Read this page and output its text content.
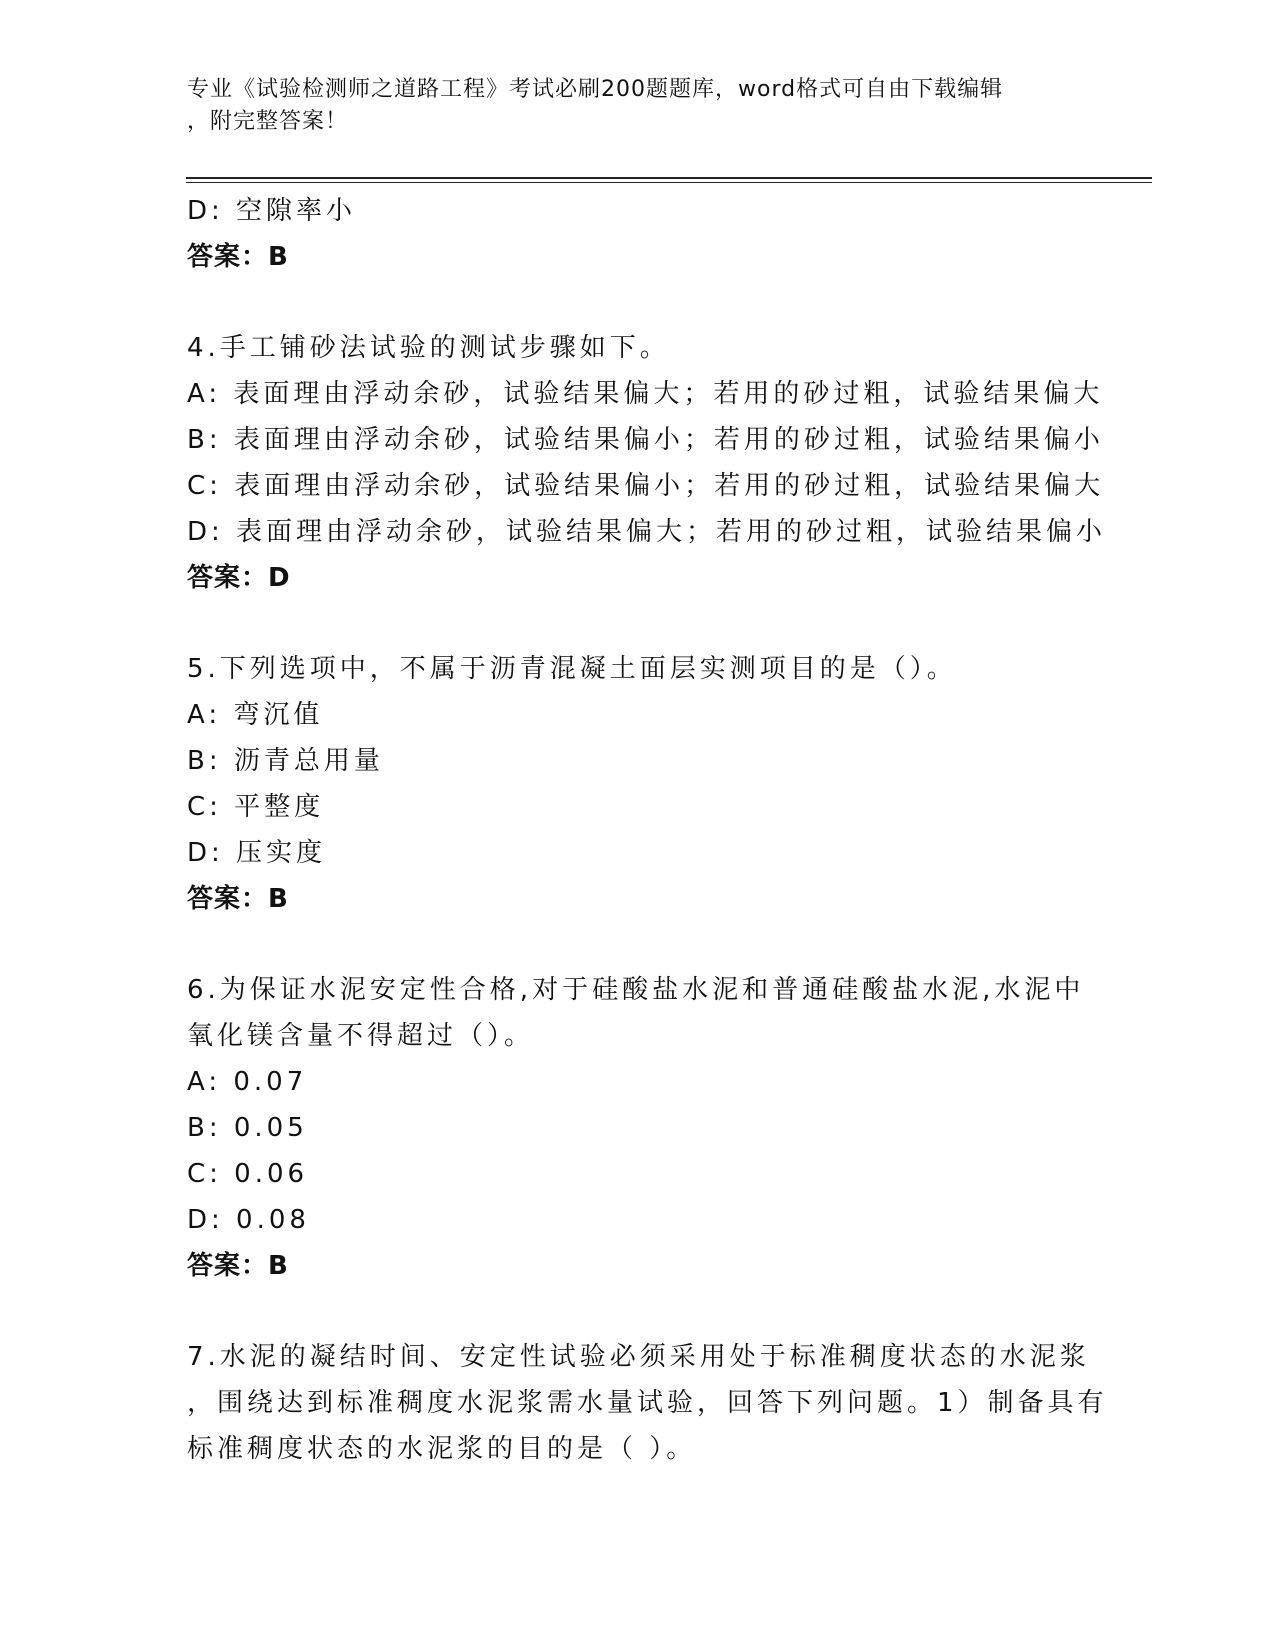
专业《试验检测师之道路工程》考试必刷200题题库，word格式可自由下载编辑
，附完整答案！
D: 空隙率小
答案：B
4.手工铺砂法试验的测试步骤如下。
A: 表面理由浮动余砂，试验结果偏大；若用的砂过粗，试验结果偏大
B: 表面理由浮动余砂，试验结果偏小；若用的砂过粗，试验结果偏小
C: 表面理由浮动余砂，试验结果偏小；若用的砂过粗，试验结果偏大
D: 表面理由浮动余砂，试验结果偏大；若用的砂过粗，试验结果偏小
答案：D
5.下列选项中，不属于沥青混凝土面层实测项目的是（）。
A: 弯沉值
B: 沥青总用量
C: 平整度
D: 压实度
答案：B
6.为保证水泥安定性合格,对于硅酸盐水泥和普通硅酸盐水泥,水泥中
氧化镁含量不得超过（）。
A: 0.07
B: 0.05
C: 0.06
D: 0.08
答案：B
7.水泥的凝结时间、安定性试验必须采用处于标准稠度状态的水泥浆
，围绕达到标准稠度水泥浆需水量试验，回答下列问题。1）制备具有
标准稠度状态的水泥浆的目的是（ ）。
